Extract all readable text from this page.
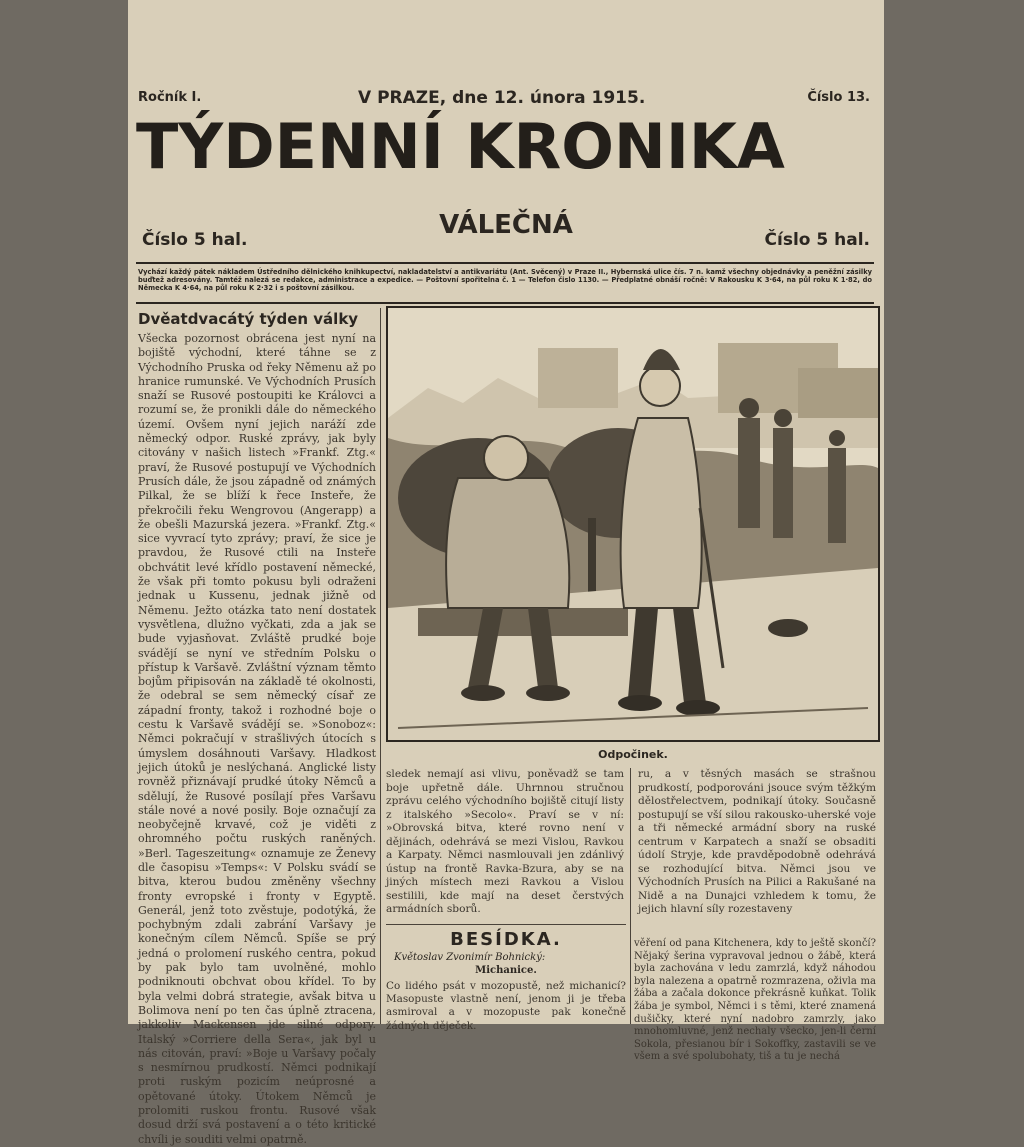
Ročník I.	V PRAZE, dne 12. února 1915.	Číslo 13.
TÝDENNÍ KRONIKA
VÁLEČNÁ
Číslo 5 hal.	Číslo 5 hal.
Vychází každý pátek nákladem Ústředního dělnického knihkupectví, nakladatelství a antikvariátu (Ant. Svěcený) v Praze II., Hybernská ulice čís. 7 n. kamž všechny objednávky a peněžní zásilky buďtež adresovány. Tamtéž nalezá se redakce, administrace a expedice. — Poštovní spořitelna č. 1 — Telefon čislo 1130. — Předplatné obnáší ročně: V Rakousku K 3·64, na půl roku K 1·82, do Německa K 4·64, na půl roku K 2·32 i s poštovní zásilkou.
Dvěatdvacátý týden války

Všecka pozornost obrácena jest nyní na bojiště východní, které táhne se z Východního Pruska od řeky Němenu až po hranice rumunské. Ve Východních Prusích snaží se Rusové postoupiti ke Královci a rozumí se, že pronikli dále do německého území. Ovšem nyní jejich naráží zde německý odpor. Ruské zprávy, jak byly citovány v našich listech »Frankf. Ztg.« praví, že Rusové postupují ve Východních Prusích dále, že jsou západně od známých Pilkal, že se blíží k řece Insteře, že překročili řeku Wengrovou (Angerapp) a že obešli Mazurská jezera. »Frankf. Ztg.« sice vyvrací tyto zprávy; praví, že sice je pravdou, že Rusové ctili na Insteře obchvátit levé křídlo postavení německé, že však při tomto pokusu byli odraženi jednak u Kussenu, jednak jižně od Němenu. Ježto otázka tato není dostatek vysvětlena, dlužno vyčkati, zda a jak se bude vyjasňovat. Zvláště prudké boje svádějí se nyní ve středním Polsku o přístup k Varšavě. Zvláštní význam těmto bojům připisován na základě té okolnosti, že odebral se sem německý císař ze západní fronty, takož i rozhodné boje o cestu k Varšavě svádějí se. »Sonoboz«: Němci pokračují v strašlivých útocích s úmyslem dosáhnouti Varšavy. Hladkost jejich útoků je neslýchaná. Anglické listy rovněž přiznávají prudké útoky Němců a sdělují, že Rusové posílají přes Varšavu stále nové a nové posily. Boje označují za neobyčejně krvavé, což je viděti z ohromného počtu ruských raněných. »Berl. Tageszeitung« oznamuje ze Ženevy dle časopisu »Temps«: V Polsku svádí se bitva, kterou budou změněny všechny fronty evropské i fronty v Egyptě. Generál, jenž toto zvěstuje, podotýká, že pochybným zdali zabrání Varšavy je konečným cílem Němců. Spíše se prý jedná o prolomení ruského centra, pokud by pak bylo tam uvolněné, mohlo podniknouti obchvat obou křídel. To by byla velmi dobrá strategie, avšak bitva u Bolimova není po ten čas úplně ztracena, jakkoliv Mackensen jde silné odpory. Italský »Corriere della Sera«, jak byl u nás citován, praví: »Boje u Varšavy počaly s nesmírnou prudkostí. Němci podnikají proti ruským pozicím neúprosné a opětované útoky. Útokem Němců je prolomiti ruskou frontu. Rusové však dosud drží svá postavení a o této kritické chvíli je souditi velmi opatrně.

Odpočinek.

sledek nemají asi vlivu, poněvadž se tam boje upřetně dále. Uhrnnou stručnou zprávu celého východního bojiště citují listy z italského »Secolo«. Praví se v ní: »Obrovská bitva, které rovno není v dějinách, odehrává se mezi Vislou, Ravkou a Karpaty. Němci nasmlouvali jen zdánlivý ústup na frontě Ravka-Bzura, aby se na jiných místech mezi Ravkou a Vislou sestilili, kde mají na deset čerstvých armádních sborů.

ru, a v těsných masách se strašnou prudkostí, podporováni jsouce svým těžkým dělostřelectvem, podnikají útoky. Současně postupují se vší silou rakousko-uherské voje a tři německé armádní sbory na ruské centrum v Karpatech a snaží se obsaditi údolí Stryje, kde pravděpodobně odehrává se rozhodující bitva. Němci jsou ve Východních Prusích na Pilici a Rakušané na Nidě a na Dunajci vzhledem k tomu, že jejich hlavní síly rozestaveny

BESÍDKA.
Květoslav Zvonimír Bohnický:
Michanice.

Co lidého psát v mozopustě, než michanicí? Masopuste vlastně není, jenom ji je třeba asmiroval a v mozopuste pak konečně žádných děječek.

věření od pana Kitchenera, kdy to ještě skončí? Nějaký šerina vypravoval jednou o žábě, která byla zachována v ledu zamrzlá, když náhodou byla nalezena a opatrně rozmrazena, oživla ma žába a začala dokonce překrásně kuňkat. Tolik žába je symbol, Němci i s těmi, které znamená dušičky, které nyní nadobro zamrzly, jako mnohomluvné, jenž nechaly všecko, jen-li černí Sokola, přesianou bír i Sokoffky, zastavili se ve všem a své spolubohaty, tiš a tu je nechá
